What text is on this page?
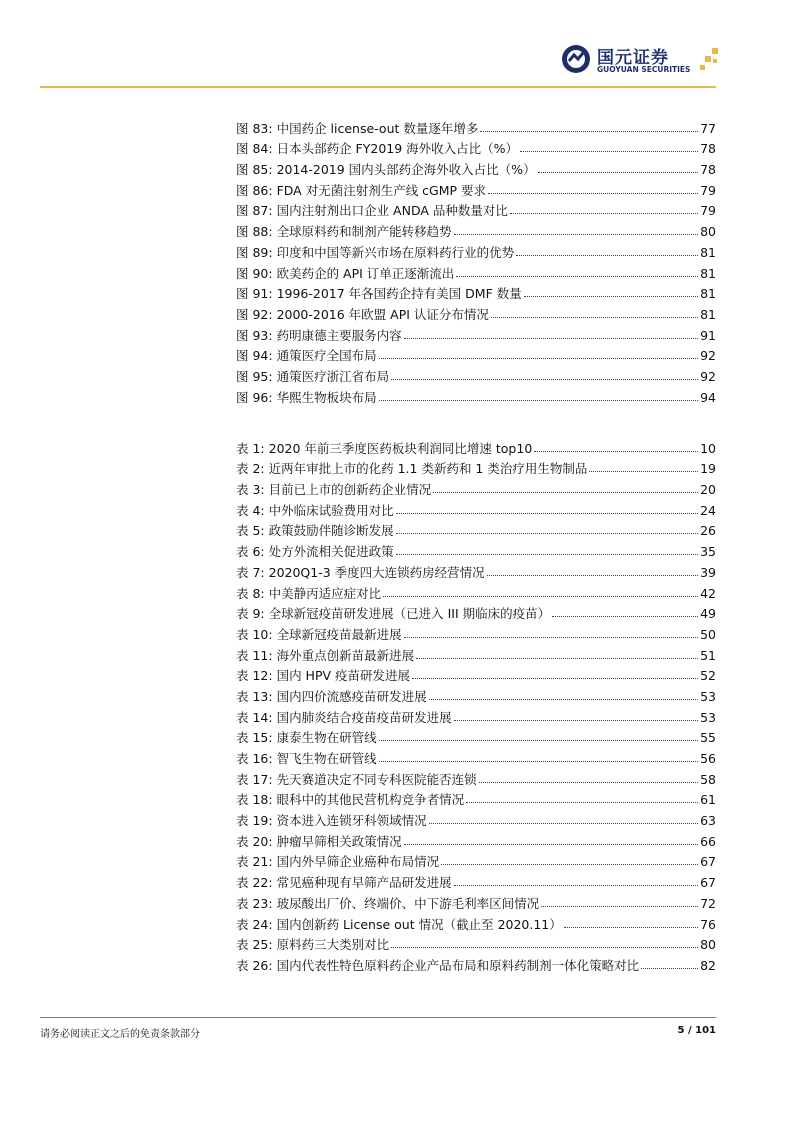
国元证券
GUOYUAN SECURITIES
图 83: 中国药企 license-out 数量逐年增多	77
图 84: 日本头部药企 FY2019 海外收入占比（%）	78
图 85: 2014-2019 国内头部药企海外收入占比（%）	78
图 86: FDA 对无菌注射剂生产线 cGMP 要求	79
图 87: 国内注射剂出口企业 ANDA 品种数量对比	79
图 88: 全球原料药和制剂产能转移趋势	80
图 89: 印度和中国等新兴市场在原料药行业的优势	81
图 90: 欧美药企的 API 订单正逐渐流出	81
图 91: 1996-2017 年各国药企持有美国 DMF 数量	81
图 92: 2000-2016 年欧盟 API 认证分布情况	81
图 93: 药明康德主要服务内容	91
图 94: 通策医疗全国布局	92
图 95: 通策医疗浙江省布局	92
图 96: 华熙生物板块布局	94
表 1: 2020 年前三季度医药板块利润同比增速 top10	10
表 2: 近两年审批上市的化药 1.1 类新药和 1 类治疗用生物制品	19
表 3: 目前已上市的创新药企业情况	20
表 4: 中外临床试验费用对比	24
表 5: 政策鼓励伴随诊断发展	26
表 6: 处方外流相关促进政策	35
表 7: 2020Q1-3 季度四大连锁药房经营情况	39
表 8: 中美静丙适应症对比	42
表 9: 全球新冠疫苗研发进展（已进入 III 期临床的疫苗）	49
表 10: 全球新冠疫苗最新进展	50
表 11: 海外重点创新苗最新进展	51
表 12: 国内 HPV 疫苗研发进展	52
表 13: 国内四价流感疫苗研发进展	53
表 14: 国内肺炎结合疫苗疫苗研发进展	53
表 15: 康泰生物在研管线	55
表 16: 智飞生物在研管线	56
表 17: 先天赛道决定不同专科医院能否连锁	58
表 18: 眼科中的其他民营机构竞争者情况	61
表 19: 资本进入连锁牙科领域情况	63
表 20: 肿瘤早筛相关政策情况	66
表 21: 国内外早筛企业癌种布局情况	67
表 22: 常见癌种现有早筛产品研发进展	67
表 23: 玻尿酸出厂价、终端价、中下游毛利率区间情况	72
表 24: 国内创新药 License out 情况（截止至 2020.11）	76
表 25: 原料药三大类别对比	80
表 26: 国内代表性特色原料药企业产品布局和原料药制剂一体化策略对比	82
请务必阅读正文之后的免责条款部分	5 / 101
